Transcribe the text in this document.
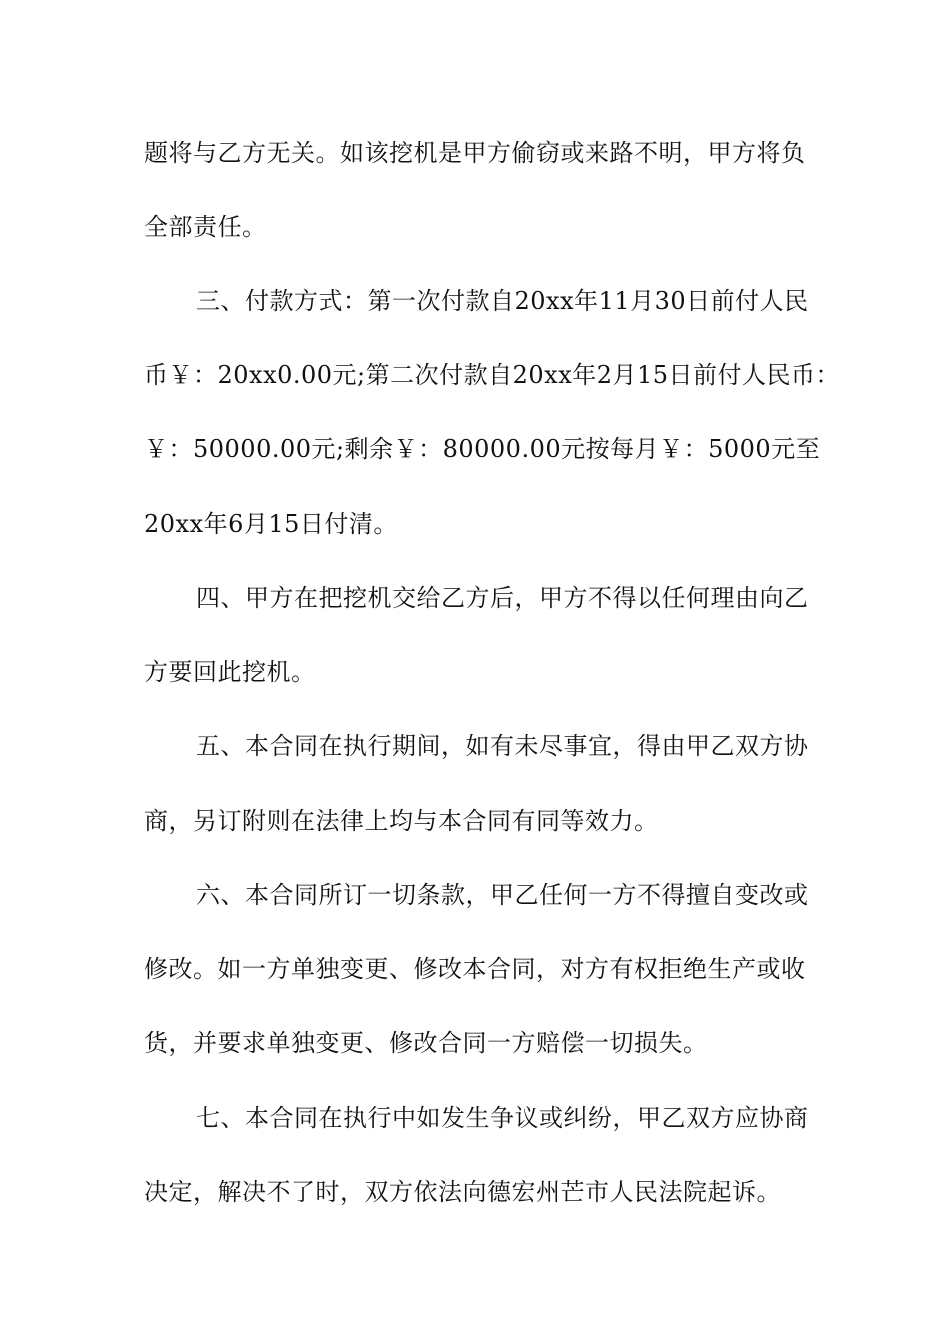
题将与乙方无关。如该挖机是甲方偷窃或来路不明，甲方将负

全部责任。

三、付款方式：第一次付款自20xx年11月30日前付人民

币￥：20xx0.00元;第二次付款自20xx年2月15日前付人民币：

￥：50000.00元;剩余￥：80000.00元按每月￥：5000元至

20xx年6月15日付清。

四、甲方在把挖机交给乙方后，甲方不得以任何理由向乙

方要回此挖机。

五、本合同在执行期间，如有未尽事宜，得由甲乙双方协

商，另订附则在法律上均与本合同有同等效力。

六、本合同所订一切条款，甲乙任何一方不得擅自变改或

修改。如一方单独变更、修改本合同，对方有权拒绝生产或收

货，并要求单独变更、修改合同一方赔偿一切损失。

七、本合同在执行中如发生争议或纠纷，甲乙双方应协商

决定，解决不了时，双方依法向德宏州芒市人民法院起诉。
